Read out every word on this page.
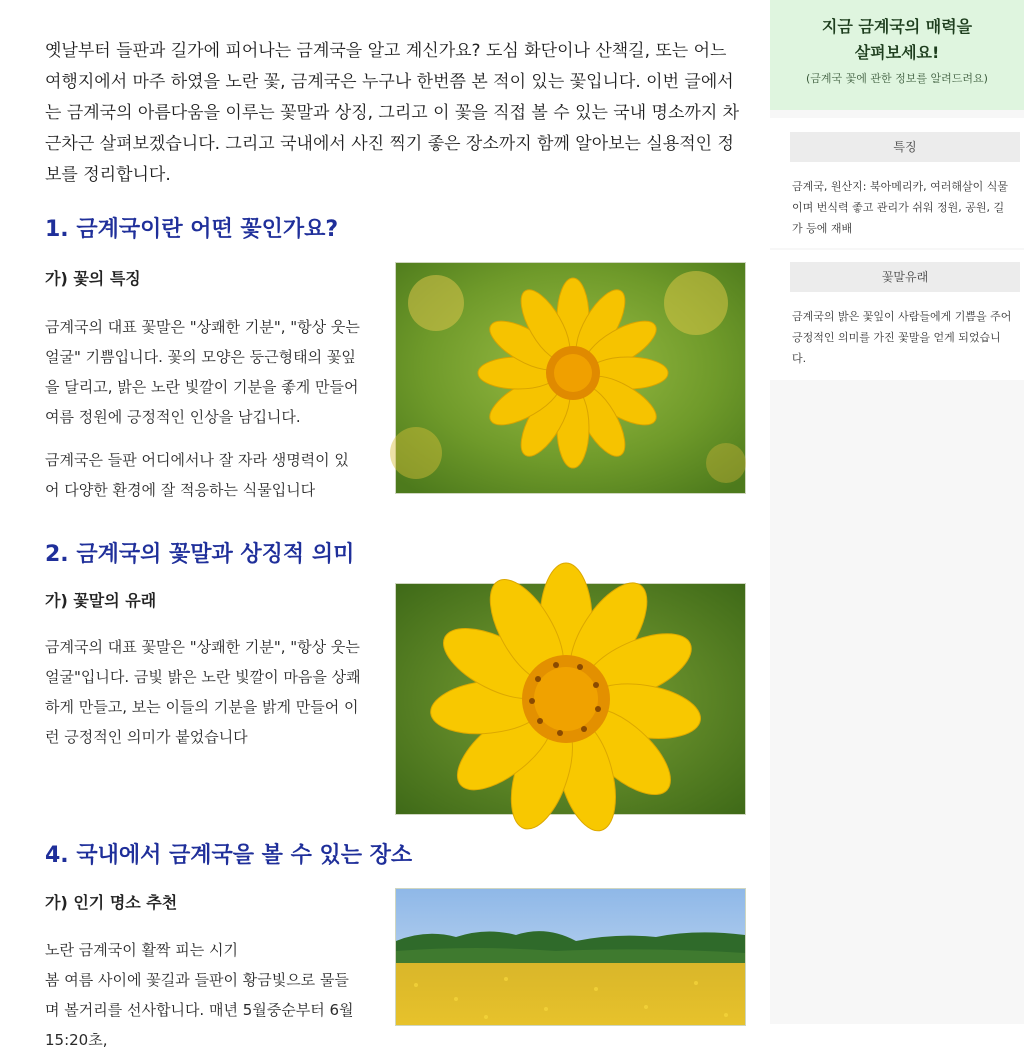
옛날부터 들판과 길가에 피어나는 금계국을 알고 계신가요? 도심 화단이나 산책길, 또는 어느 여행지에서 마주 하였을 노란 꽃, 금계국은 누구나 한번쯤 본 적이 있는 꽃입니다. 이번 글에서는 금계국의 아름다움을 이루는 꽃말과 상징, 그리고 이 꽃을 직접 볼 수 있는 국내 명소까지 차근차근 살펴보겠습니다. 그리고 국내에서 사진 찍기 좋은 장소까지 함께 알아보는 실용적인 정보를 정리합니다.

1. 금계국이란 어떤 꽃인가요?
가) 꽃의 특징

금계국의 대표 꽃말은 "상쾌한 기분", "항상 웃는 얼굴" 기쁨입니다. 꽃의 모양은 둥근형태의 꽃잎을 달리고, 밝은 노란 빛깔이 기분을 좋게 만들어 여름 정원에 긍정적인 인상을 남깁니다.

금계국은 들판 어디에서나 잘 자라 생명력이 있어 다양한 환경에 잘 적응하는 식물입니다

2. 금계국의 꽃말과 상징적 의미
가) 꽃말의 유래

금계국의 대표 꽃말은 "상쾌한 기분", "항상 웃는 얼굴"입니다. 금빛 밝은 노란 빛깔이 마음을 상쾌하게 만들고, 보는 이들의 기분을 밝게 만들어 이런 긍정적인 의미가 붙었습니다

4. 국내에서 금계국을 볼 수 있는 장소
가) 인기 명소 추천

노란 금계국이 활짝 피는 시기
봄 여름 사이에 꽃길과 들판이 황금빛으로 물들며 볼거리를 선사합니다. 매년 5월중순부터 6월 15:20초,

지금 금계국의 매력을
살펴보세요!
(금계국 꽃에 관한 정보를 알려드려요)
특징
금계국, 원산지: 북아메리카, 여러해살이 식물 이며 번식력 좋고 관리가 쉬워 정원, 공원, 길가 등에 재배
꽃말유래
금계국의 밝은 꽃잎이 사람들에게 기쁨을 주어 긍정적인 의미를 가진 꽃말을 얻게 되었습니다.
